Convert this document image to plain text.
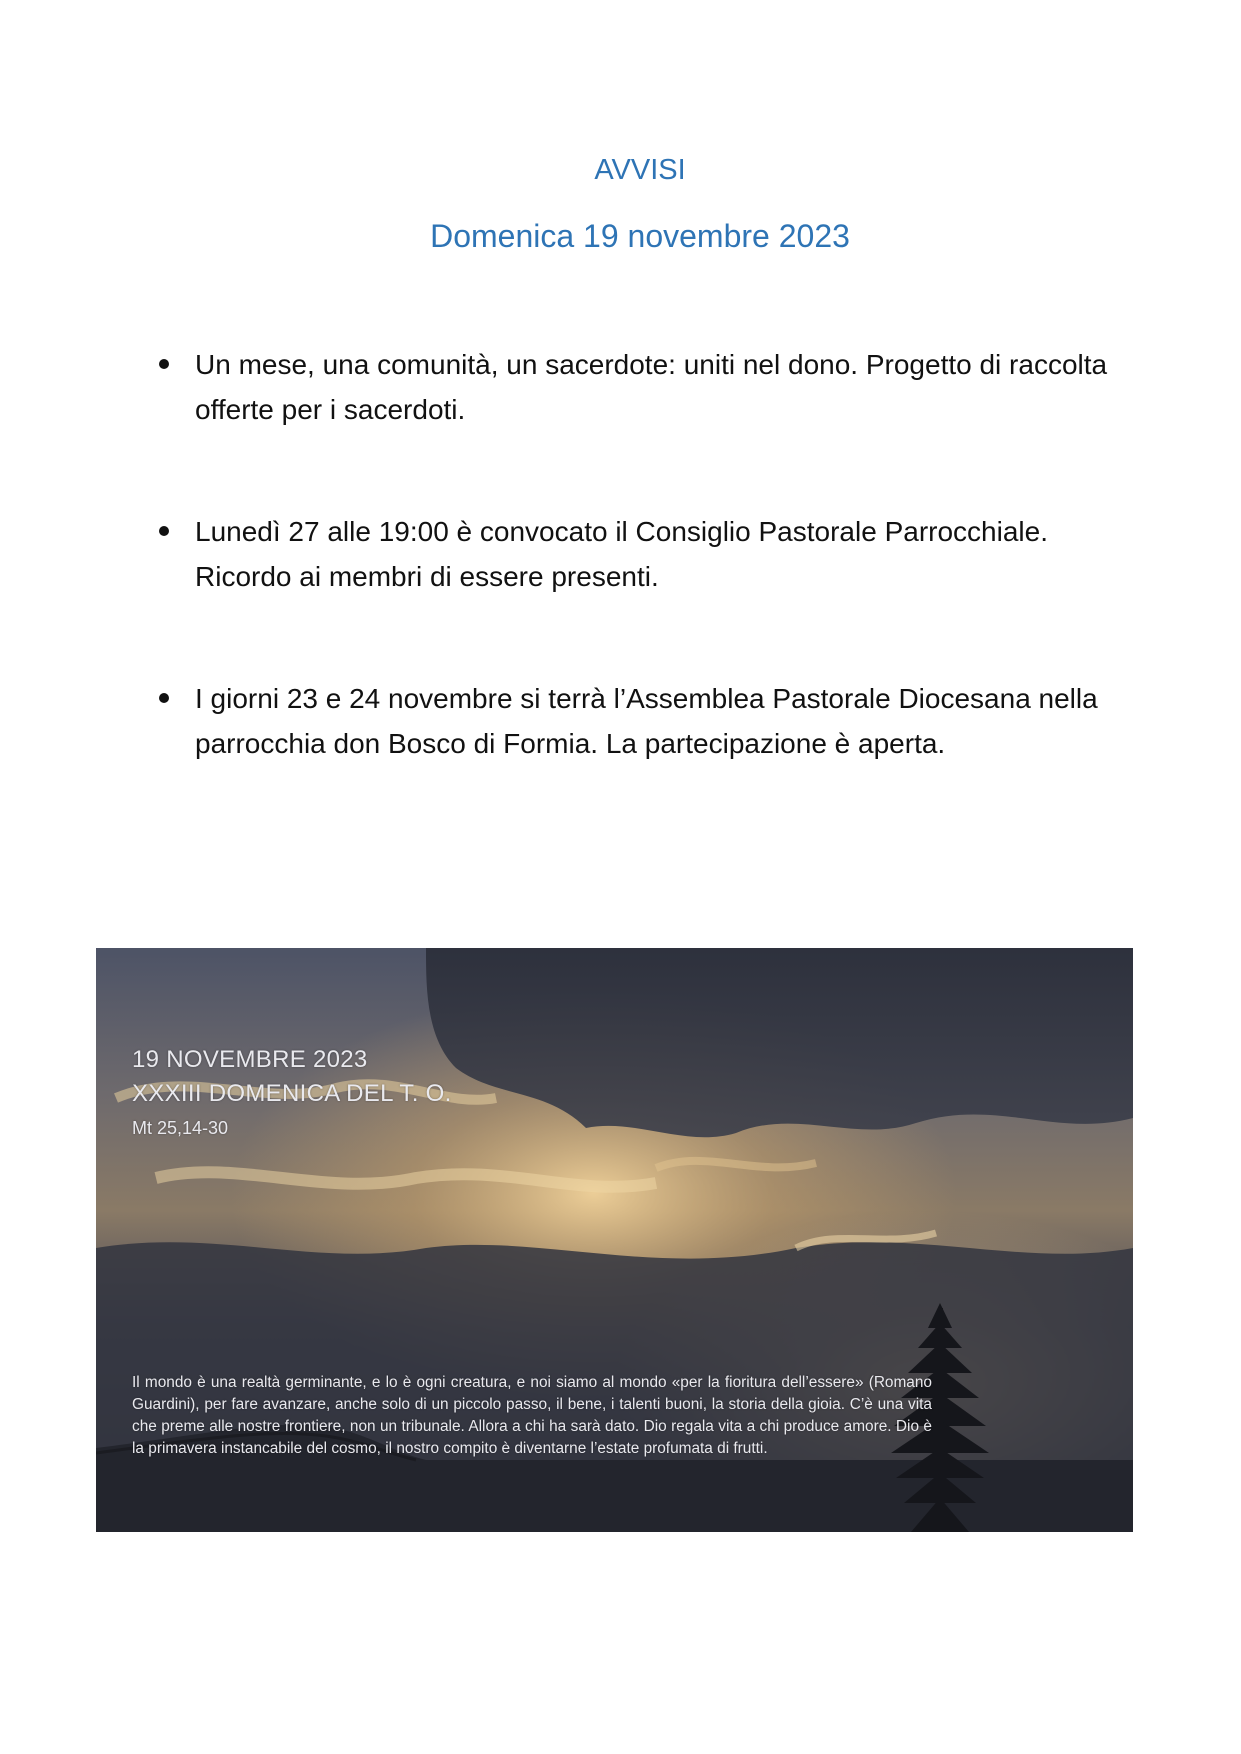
AVVISI
Domenica 19 novembre 2023
Un mese, una comunità, un sacerdote: uniti nel dono. Progetto di raccolta offerte per i sacerdoti.
Lunedì 27 alle 19:00 è convocato il Consiglio Pastorale Parrocchiale. Ricordo ai membri di essere presenti.
I giorni 23 e 24 novembre si terrà l’Assemblea Pastorale Diocesana nella parrocchia don Bosco di Formia. La partecipazione è aperta.
19 NOVEMBRE 2023
XXXIII DOMENICA DEL T. O.
Mt 25,14-30
Il mondo è una realtà germinante, e lo è ogni creatura, e noi siamo al mondo «per la fioritura dell’essere» (Romano Guardini), per fare avanzare, anche solo di un piccolo passo, il bene, i talenti buoni, la storia della gioia. C’è una vita che preme alle nostre frontiere, non un tribunale. Allora a chi ha sarà dato. Dio regala vita a chi produce amore. Dio è la primavera instancabile del cosmo, il nostro compito è diventarne l’estate profumata di frutti.
